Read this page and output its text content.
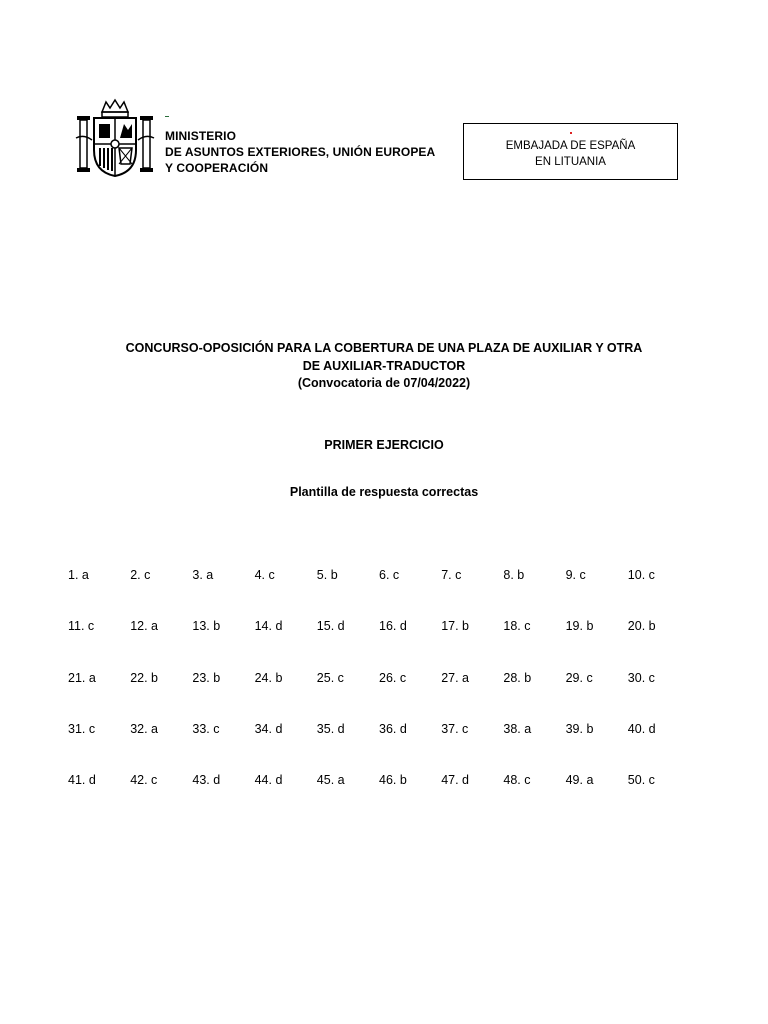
MINISTERIO
DE ASUNTOS EXTERIORES, UNIÓN EUROPEA
Y COOPERACIÓN
EMBAJADA DE ESPAÑA
EN LITUANIA
CONCURSO-OPOSICIÓN PARA LA COBERTURA DE UNA PLAZA DE AUXILIAR Y OTRA
DE AUXILIAR-TRADUCTOR
(Convocatoria de 07/04/2022)
PRIMER EJERCICIO
Plantilla de respuesta correctas
1. a	2. c	3. a	4. c	5. b	6. c	7. c	8. b	9. c	10. c
11. c	12. a	13. b	14. d	15. d	16. d	17. b	18. c	19. b	20. b
21. a	22. b	23. b	24. b	25. c	26. c	27. a	28. b	29. c	30. c
31. c	32. a	33. c	34. d	35. d	36. d	37. c	38. a	39. b	40. d
41. d	42. c	43. d	44. d	45. a	46. b	47. d	48. c	49. a	50. c
